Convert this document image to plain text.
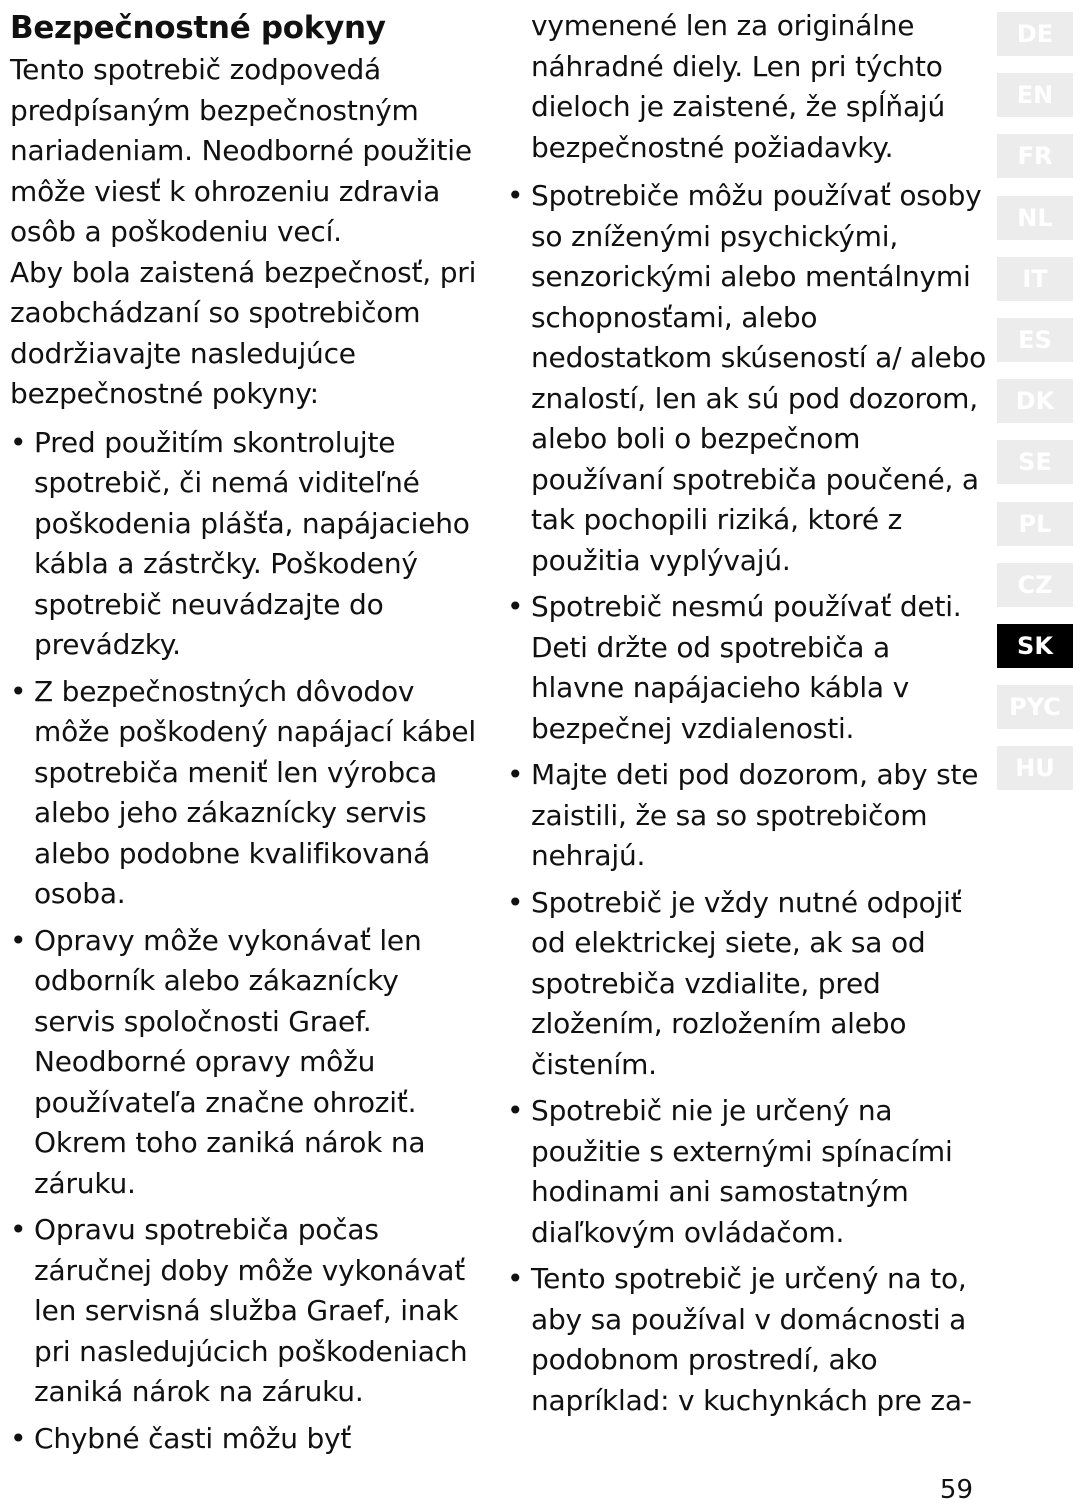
Bezpečnostné pokyny

Tento spotrebič zodpovedá predpísaným bezpečnostným nariadeniam. Neodborné použitie môže viesť k ohrozeniu zdravia osôb a poškodeniu vecí.

Aby bola zaistená bezpečnosť, pri zaobchádzaní so spotrebičom dodržiavajte nasledujúce bezpečnostné pokyny:

• Pred použitím skontrolujte spotrebič, či nemá viditeľné poškodenia plášťa, napájacieho kábla a zástrčky. Poškodený spotrebič neuvádzajte do prevádzky.
• Z bezpečnostných dôvodov môže poškodený napájací kábel spotrebiča meniť len výrobca alebo jeho zákaznícky servis alebo podobne kvalifikovaná osoba.
• Opravy môže vykonávať len odborník alebo zákaznícky servis spoločnosti Graef. Neodborné opravy môžu používateľa značne ohroziť. Okrem toho zaniká nárok na záruku.
• Opravu spotrebiča počas záručnej doby môže vykonávať len servisná služba Graef, inak pri nasledujúcich poškodeniach zaniká nárok na záruku.
• Chybné časti môžu byť
vymenené len za originálne náhradné diely. Len pri týchto dieloch je zaistené, že spĺňajú bezpečnostné požiadavky.
• Spotrebiče môžu používať osoby so zníženými psychickými, senzorickými alebo mentálnymi schopnosťami, alebo nedostatkom skúseností a/ alebo znalostí, len ak sú pod dozorom, alebo boli o bezpečnom používaní spotrebiča poučené, a tak pochopili riziká, ktoré z použitia vyplývajú.
• Spotrebič nesmú používať deti. Deti držte od spotrebiča a hlavne napájacieho kábla v bezpečnej vzdialenosti.
• Majte deti pod dozorom, aby ste zaistili, že sa so spotrebičom nehrajú.
• Spotrebič je vždy nutné odpojiť od elektrickej siete, ak sa od spotrebiča vzdialite, pred zložením, rozložením alebo čistením.
• Spotrebič nie je určený na použitie s externými spínacími hodinami ani samostatným diaľkovým ovládačom.
• Tento spotrebič je určený na to, aby sa používal v domácnosti a podobnom prostredí, ako napríklad: v kuchynkách pre za-
DE
EN
FR
NL
IT
ES
DK
SE
PL
CZ
SK
PYC
HU
59
